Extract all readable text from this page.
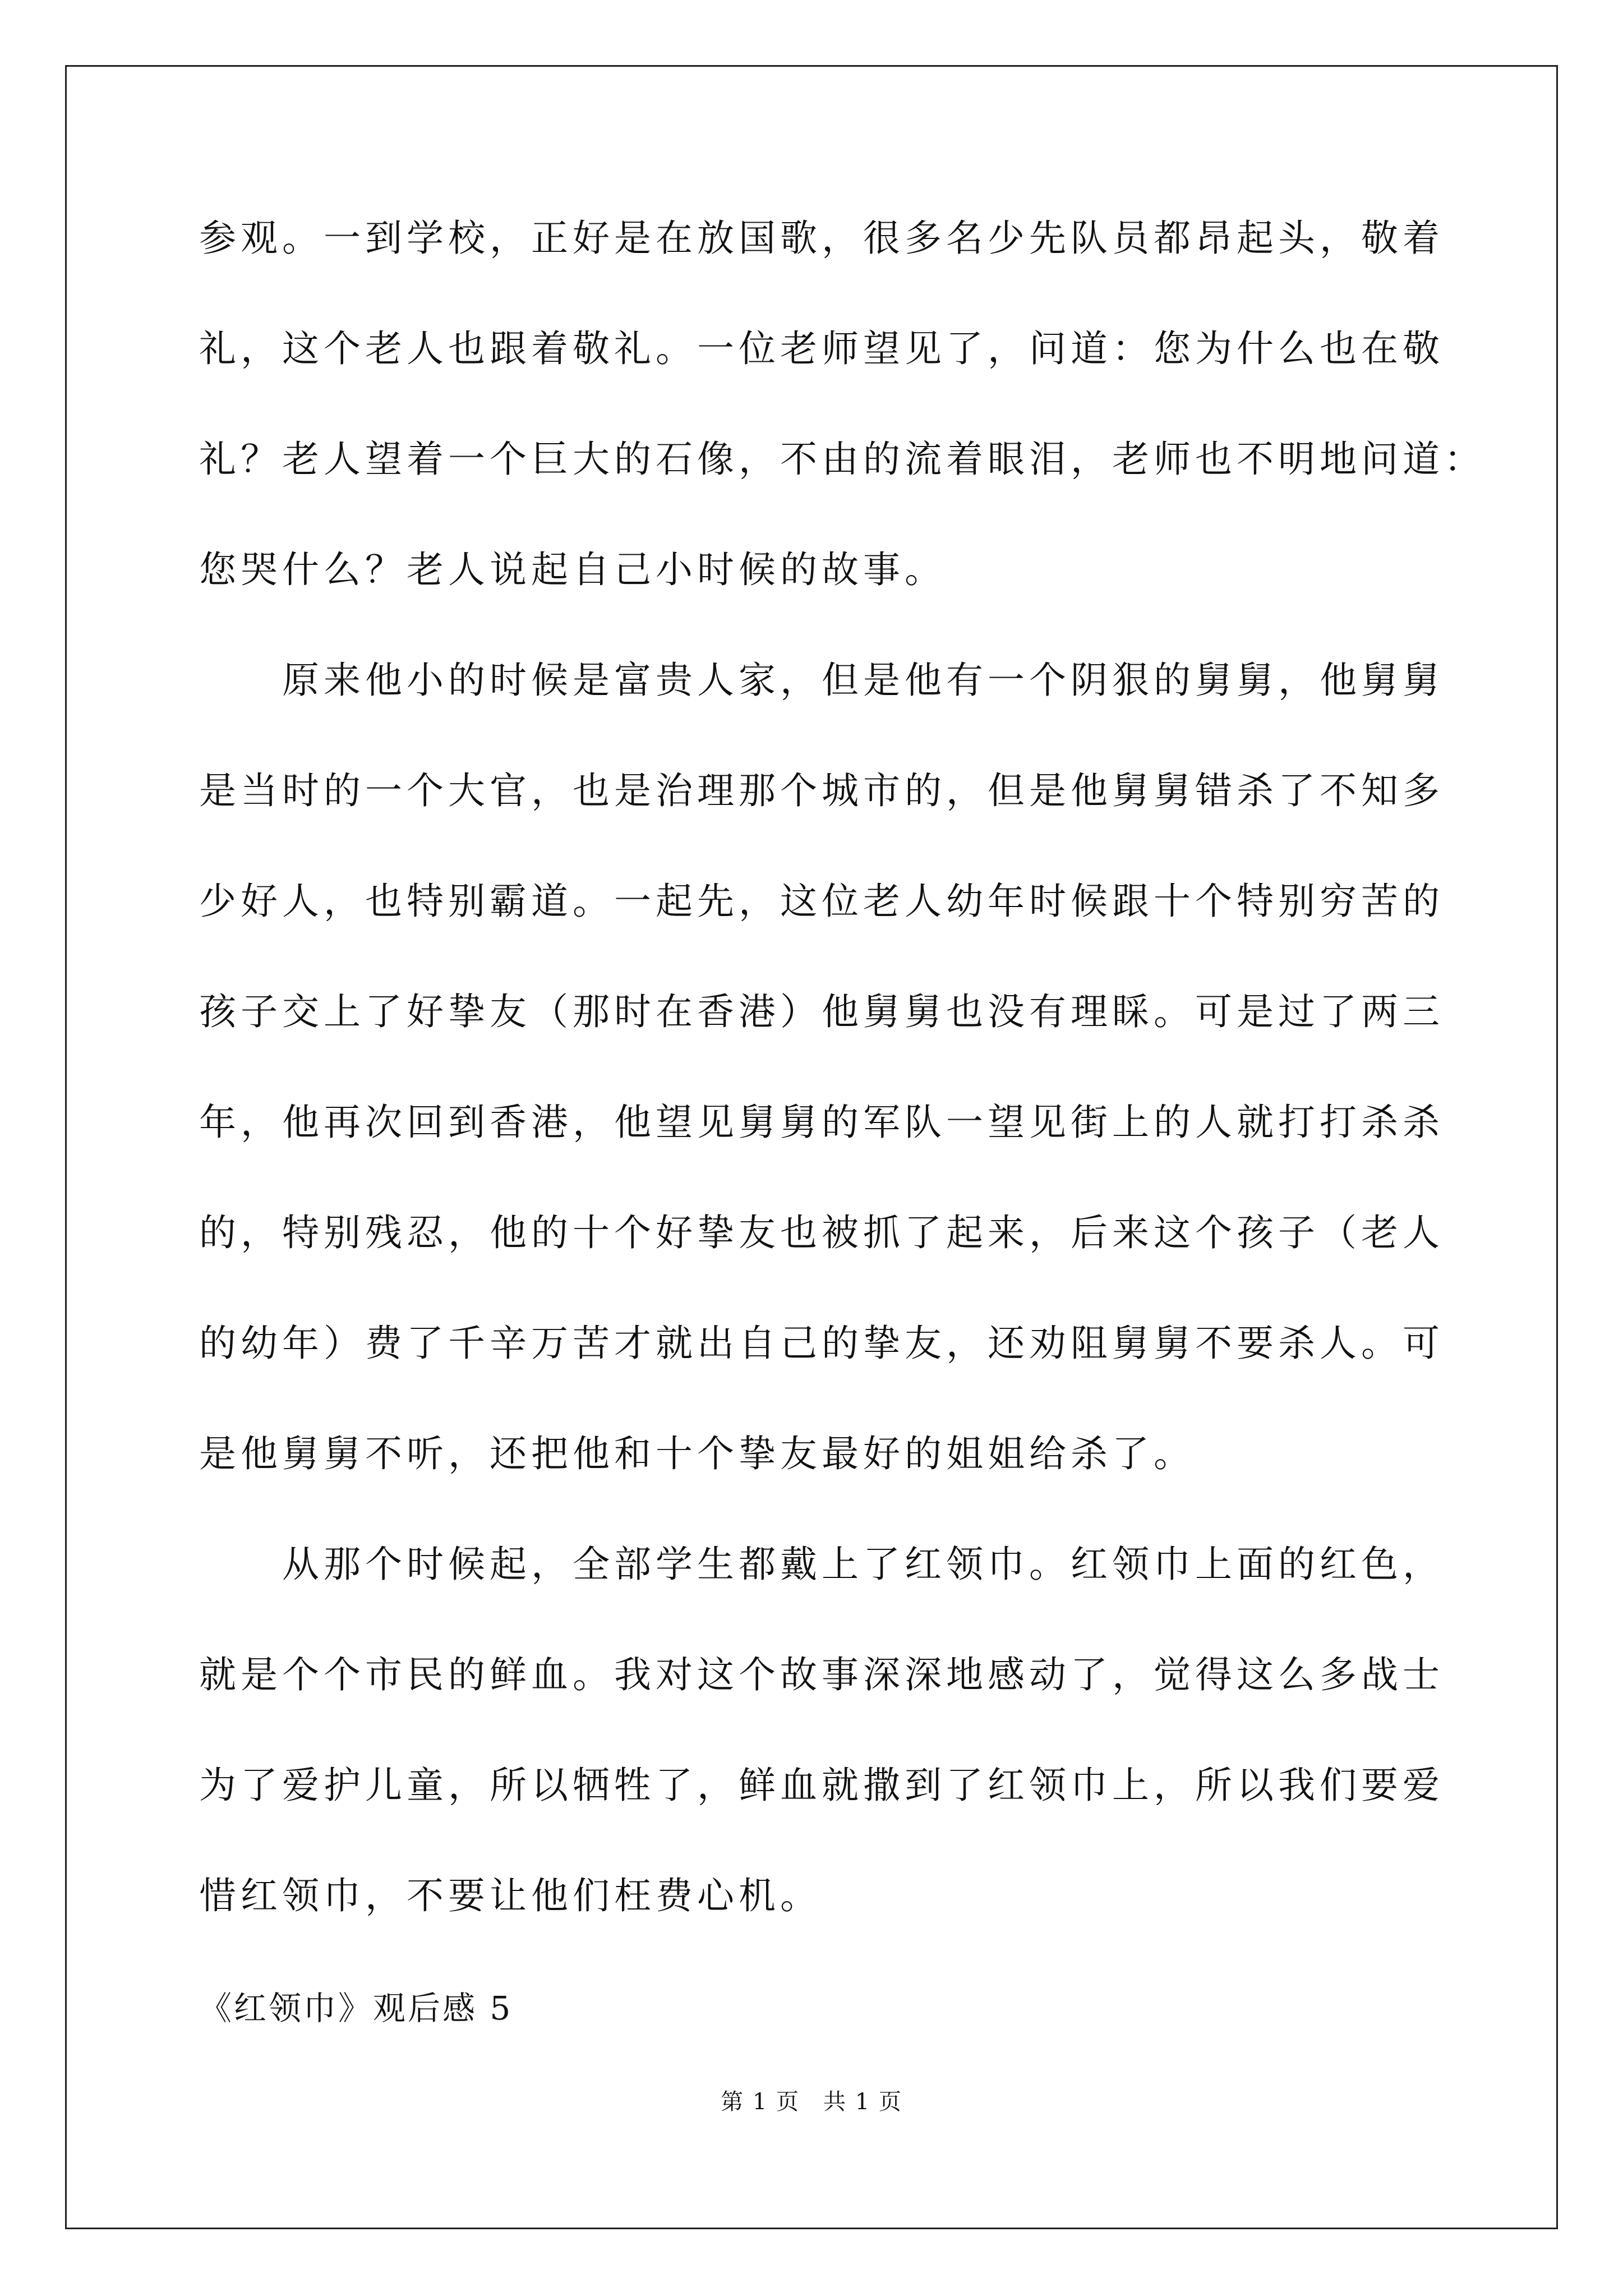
参观。一到学校，正好是在放国歌，很多名少先队员都昂起头，敬着
礼，这个老人也跟着敬礼。一位老师望见了，问道：您为什么也在敬
礼？老人望着一个巨大的石像，不由的流着眼泪，老师也不明地问道：
您哭什么？老人说起自己小时候的故事。
　　原来他小的时候是富贵人家，但是他有一个阴狠的舅舅，他舅舅
是当时的一个大官，也是治理那个城市的，但是他舅舅错杀了不知多
少好人，也特别霸道。一起先，这位老人幼年时候跟十个特别穷苦的
孩子交上了好挚友（那时在香港）他舅舅也没有理睬。可是过了两三
年，他再次回到香港，他望见舅舅的军队一望见街上的人就打打杀杀
的，特别残忍，他的十个好挚友也被抓了起来，后来这个孩子（老人
的幼年）费了千辛万苦才就出自己的挚友，还劝阻舅舅不要杀人。可
是他舅舅不听，还把他和十个挚友最好的姐姐给杀了。
　　从那个时候起，全部学生都戴上了红领巾。红领巾上面的红色，
就是个个市民的鲜血。我对这个故事深深地感动了，觉得这么多战士
为了爱护儿童，所以牺牲了，鲜血就撒到了红领巾上，所以我们要爱
惜红领巾，不要让他们枉费心机。
《红领巾》观后感 5
第 1 页　共 1 页
